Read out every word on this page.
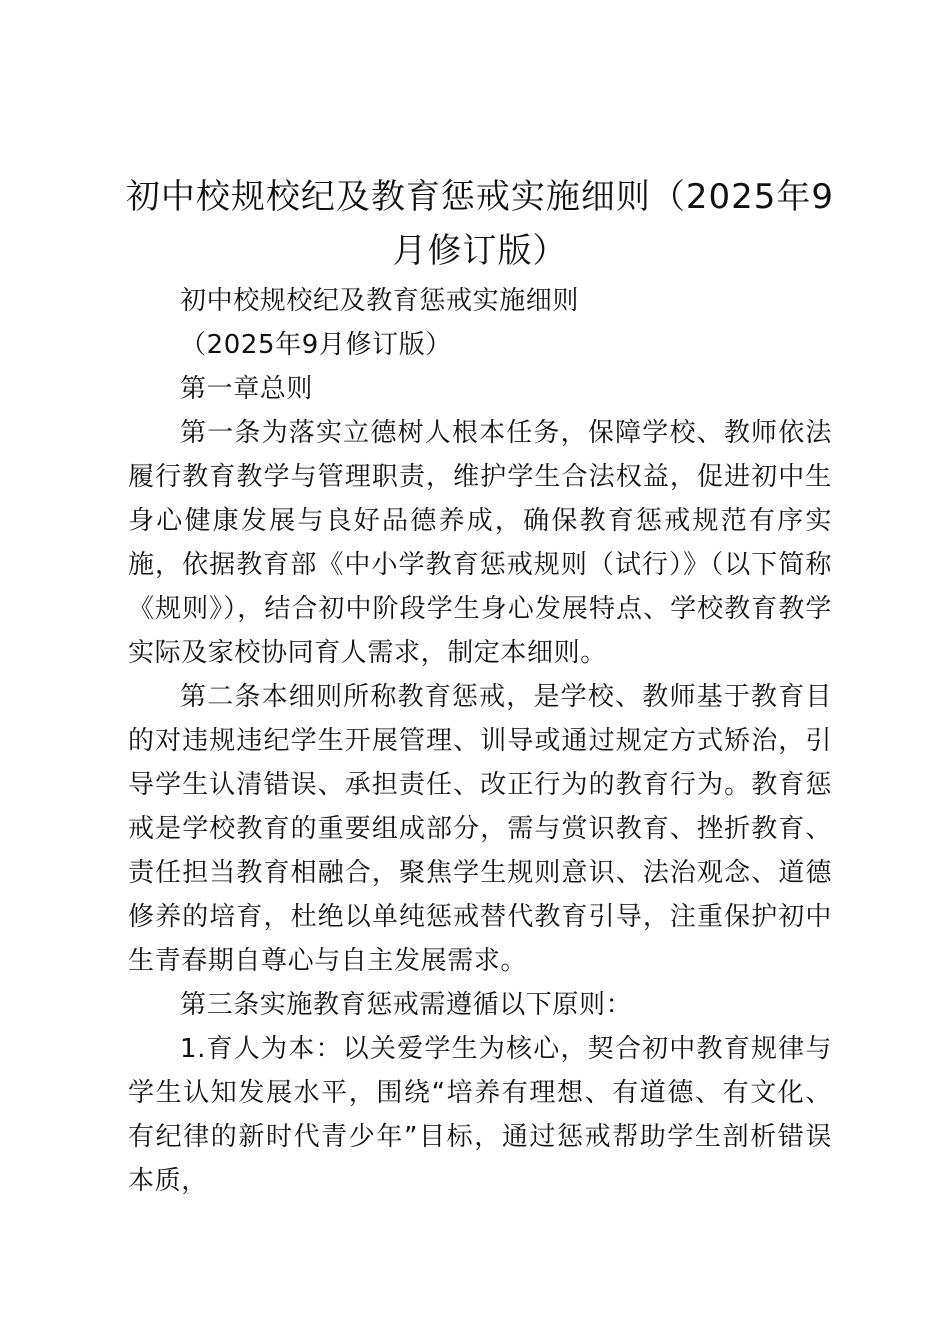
初中校规校纪及教育惩戒实施细则（2025年9月修订版）

初中校规校纪及教育惩戒实施细则

（2025年9月修订版）

第一章总则

第一条为落实立德树人根本任务，保障学校、教师依法履行教育教学与管理职责，维护学生合法权益，促进初中生身心健康发展与良好品德养成，确保教育惩戒规范有序实施，依据教育部《中小学教育惩戒规则（试行）》（以下简称《规则》），结合初中阶段学生身心发展特点、学校教育教学实际及家校协同育人需求，制定本细则。

第二条本细则所称教育惩戒，是学校、教师基于教育目的对违规违纪学生开展管理、训导或通过规定方式矫治，引导学生认清错误、承担责任、改正行为的教育行为。教育惩戒是学校教育的重要组成部分，需与赏识教育、挫折教育、责任担当教育相融合，聚焦学生规则意识、法治观念、道德修养的培育，杜绝以单纯惩戒替代教育引导，注重保护初中生青春期自尊心与自主发展需求。

第三条实施教育惩戒需遵循以下原则：

1.育人为本：以关爱学生为核心，契合初中教育规律与学生认知发展水平，围绕“培养有理想、有道德、有文化、有纪律的新时代青少年”目标，通过惩戒帮助学生剖析错误本质，
